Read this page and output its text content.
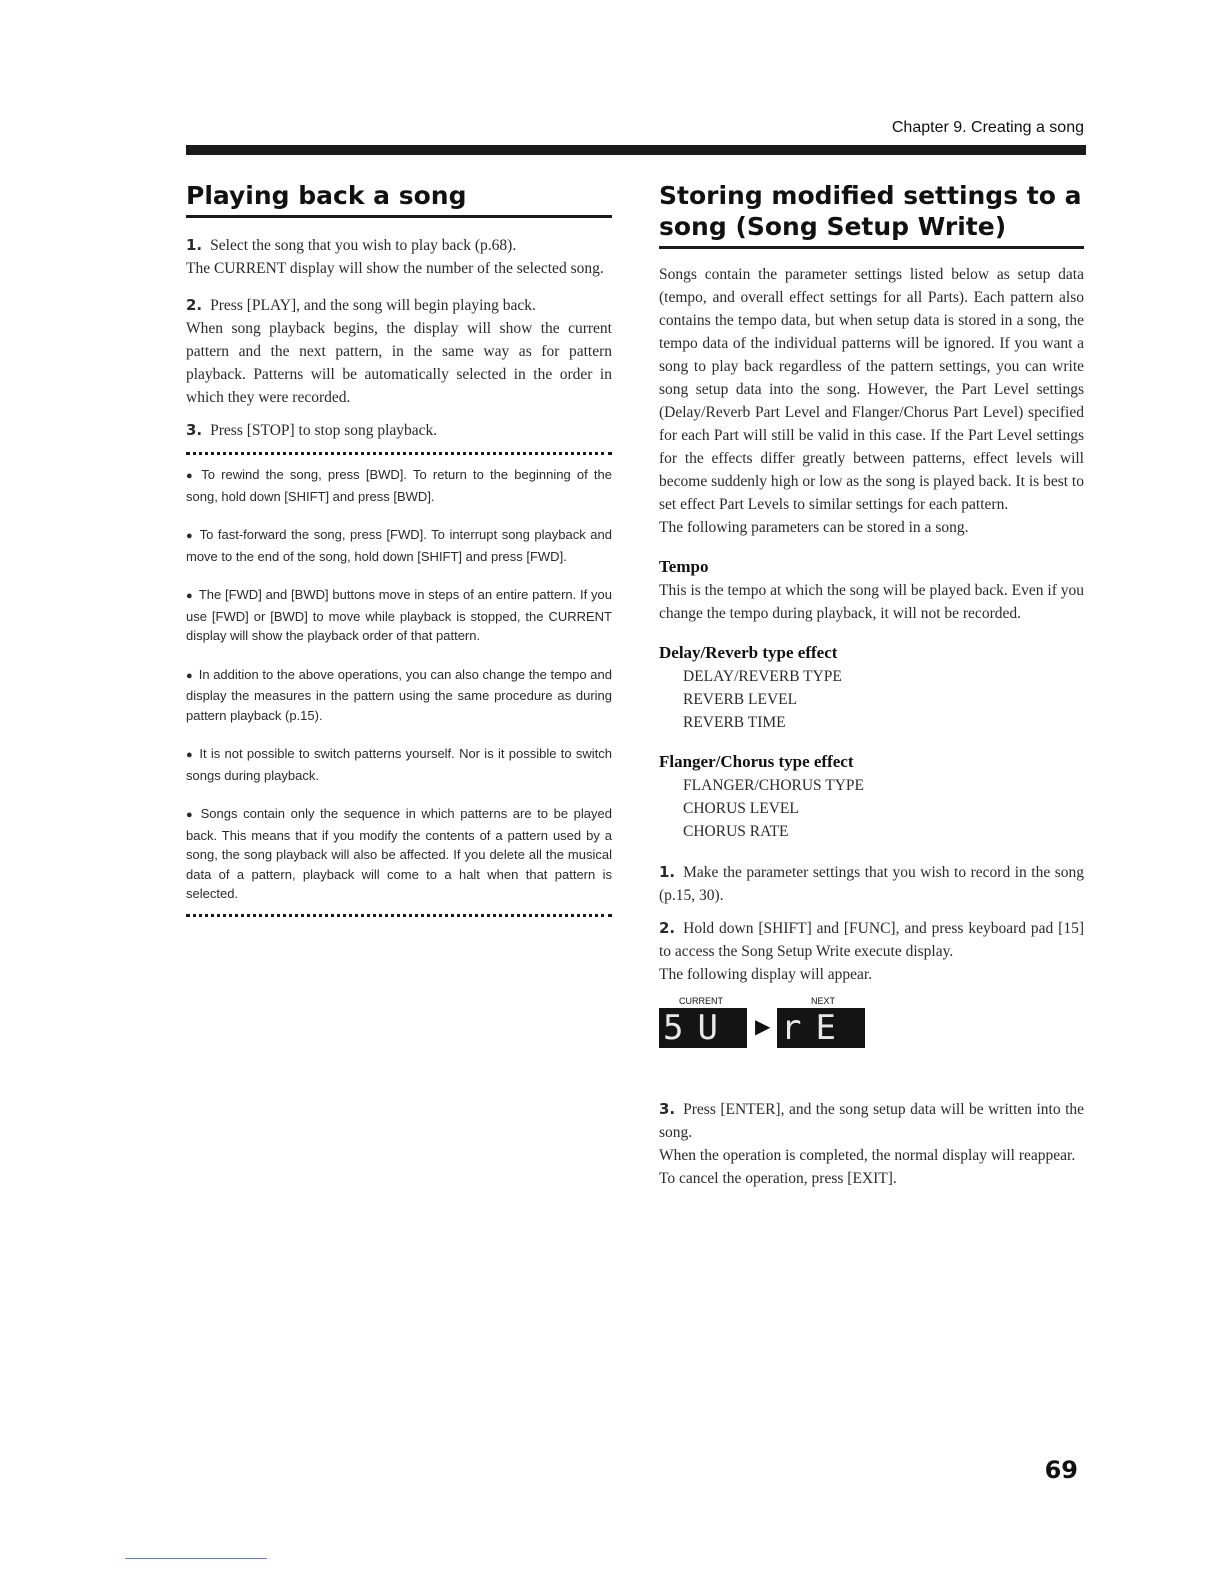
Chapter 9. Creating a song
Playing back a song

1. Select the song that you wish to play back (p.68).

The CURRENT display will show the number of the selected song.

2. Press [PLAY], and the song will begin playing back.

When song playback begins, the display will show the current pattern and the next pattern, in the same way as for pattern playback. Patterns will be automatically selected in the order in which they were recorded.

3. Press [STOP] to stop song playback.

● To rewind the song, press [BWD]. To return to the beginning of the song, hold down [SHIFT] and press [BWD].

● To fast-forward the song, press [FWD]. To interrupt song playback and move to the end of the song, hold down [SHIFT] and press [FWD].

● The [FWD] and [BWD] buttons move in steps of an entire pattern. If you use [FWD] or [BWD] to move while playback is stopped, the CURRENT display will show the playback order of that pattern.

● In addition to the above operations, you can also change the tempo and display the measures in the pattern using the same procedure as during pattern playback (p.15).

● It is not possible to switch patterns yourself. Nor is it possible to switch songs during playback.

● Songs contain only the sequence in which patterns are to be played back. This means that if you modify the contents of a pattern used by a song, the song playback will also be affected. If you delete all the musical data of a pattern, playback will come to a halt when that pattern is selected.

Storing modified settings to a song (Song Setup Write)

Songs contain the parameter settings listed below as setup data (tempo, and overall effect settings for all Parts). Each pattern also contains the tempo data, but when setup data is stored in a song, the tempo data of the individual patterns will be ignored. If you want a song to play back regardless of the pattern settings, you can write song setup data into the song. However, the Part Level settings (Delay/Reverb Part Level and Flanger/Chorus Part Level) specified for each Part will still be valid in this case. If the Part Level settings for the effects differ greatly between patterns, effect levels will become suddenly high or low as the song is played back. It is best to set effect Part Levels to similar settings for each pattern.

The following parameters can be stored in a song.

Tempo

This is the tempo at which the song will be played back. Even if you change the tempo during playback, it will not be recorded.

Delay/Reverb type effect
DELAY/REVERB TYPE
REVERB LEVEL
REVERB TIME
Flanger/Chorus type effect
FLANGER/CHORUS TYPE
CHORUS LEVEL
CHORUS RATE

1. Make the parameter settings that you wish to record in the song (p.15, 30).

2. Hold down [SHIFT] and [FUNC], and press keyboard pad [15] to access the Song Setup Write execute display.

The following display will appear.

CURRENT	NEXT
5U	▶ rE

3. Press [ENTER], and the song setup data will be written into the song.

When the operation is completed, the normal display will reappear.

To cancel the operation, press [EXIT].

69
